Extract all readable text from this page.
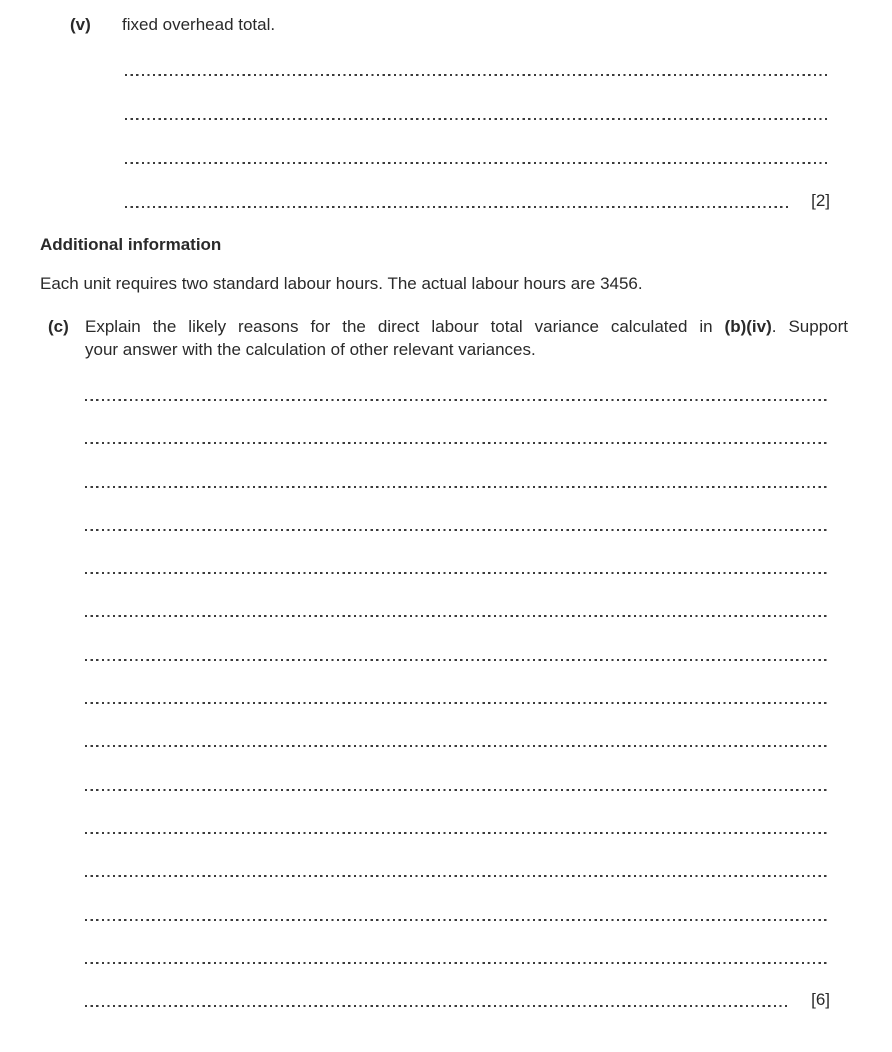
(v) fixed overhead total.
[2]
Additional information
Each unit requires two standard labour hours. The actual labour hours are 3456.
(c) Explain the likely reasons for the direct labour total variance calculated in (b)(iv). Support
your answer with the calculation of other relevant variances.
[6]
